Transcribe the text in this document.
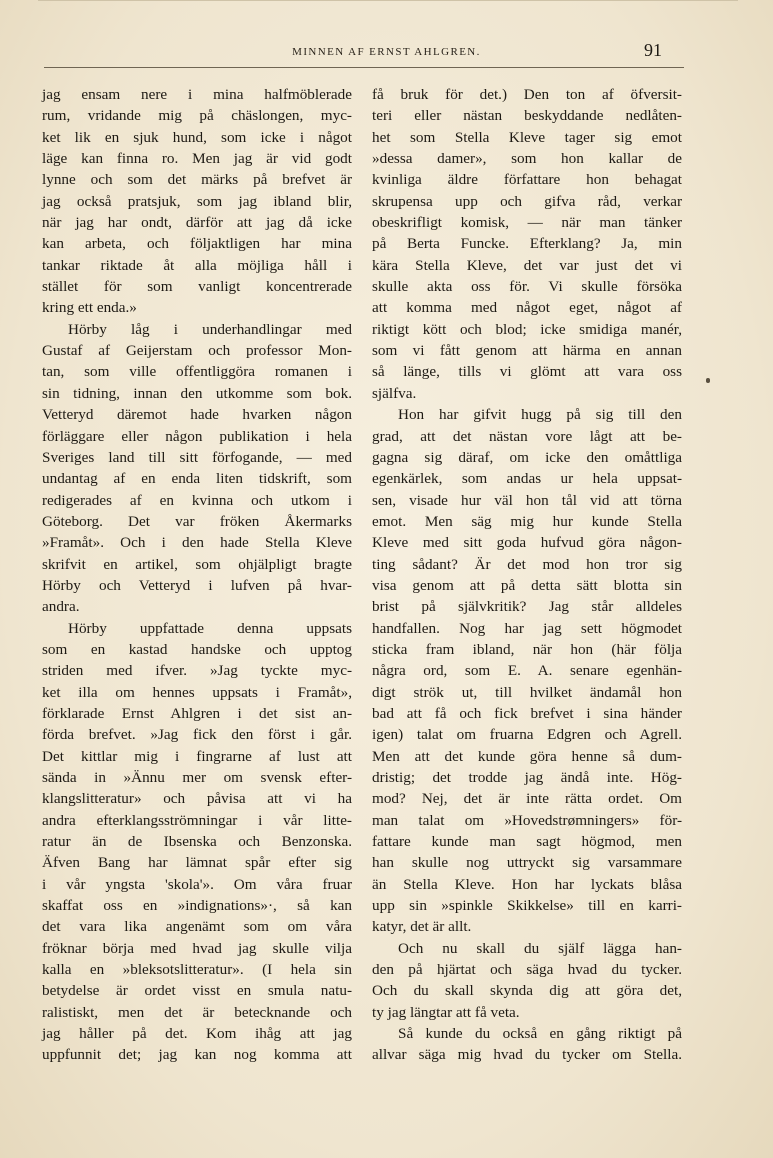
MINNEN AF ERNST AHLGREN.	91
jag ensam nere i mina halfmöblerade
rum, vridande mig på chäslongen, myc-
ket lik en sjuk hund, som icke i något
läge kan finna ro. Men jag är vid godt
lynne och som det märks på brefvet är
jag också pratsjuk, som jag ibland blir,
när jag har ondt, därför att jag då icke
kan arbeta, och följaktligen har mina
tankar riktade åt alla möjliga håll i
stället för som vanligt koncentrerade
kring ett enda.»
Hörby låg i underhandlingar med
Gustaf af Geijerstam och professor Mon-
tan, som ville offentliggöra romanen i
sin tidning, innan den utkomme som bok.
Vetteryd däremot hade hvarken någon
förläggare eller någon publikation i hela
Sveriges land till sitt förfogande, — med
undantag af en enda liten tidskrift, som
redigerades af en kvinna och utkom i
Göteborg. Det var fröken Åkermarks
»Framåt». Och i den hade Stella Kleve
skrifvit en artikel, som ohjälpligt bragte
Hörby och Vetteryd i lufven på hvar-
andra.
Hörby uppfattade denna uppsats
som en kastad handske och upptog
striden med ifver. »Jag tyckte myc-
ket illa om hennes uppsats i Framåt»,
förklarade Ernst Ahlgren i det sist an-
förda brefvet. »Jag fick den först i går.
Det kittlar mig i fingrarne af lust att
sända in »Ännu mer om svensk efter-
klangslitteratur» och påvisa att vi ha
andra efterklangsströmningar i vår litte-
ratur än de Ibsenska och Benzonska.
Äfven Bang har lämnat spår efter sig
i vår yngsta 'skola'». Om våra fruar
skaffat oss en »indignations»·, så kan
det vara lika angenämt som om våra
fröknar börja med hvad jag skulle vilja
kalla en »bleksotslitteratur». (I hela sin
betydelse är ordet visst en smula natu-
ralistiskt, men det är betecknande och
jag håller på det. Kom ihåg att jag
uppfunnit det; jag kan nog komma att
få bruk för det.) Den ton af öfversit-
teri eller nästan beskyddande nedlåten-
het som Stella Kleve tager sig emot
»dessa damer», som hon kallar de
kvinliga äldre författare hon behagat
skrupensa upp och gifva råd, verkar
obeskrifligt komisk, — när man tänker
på Berta Funcke. Efterklang? Ja, min
kära Stella Kleve, det var just det vi
skulle akta oss för. Vi skulle försöka
att komma med något eget, något af
riktigt kött och blod; icke smidiga manér,
som vi fått genom att härma en annan
så länge, tills vi glömt att vara oss
själfva.
Hon har gifvit hugg på sig till den
grad, att det nästan vore lågt att be-
gagna sig däraf, om icke den omåttliga
egenkärlek, som andas ur hela uppsat-
sen, visade hur väl hon tål vid att törna
emot. Men säg mig hur kunde Stella
Kleve med sitt goda hufvud göra någon-
ting sådant? Är det mod hon tror sig
visa genom att på detta sätt blotta sin
brist på självkritik? Jag står alldeles
handfallen. Nog har jag sett högmodet
sticka fram ibland, när hon (här följa
några ord, som E. A. senare egenhän-
digt strök ut, till hvilket ändamål hon
bad att få och fick brefvet i sina händer
igen) talat om fruarna Edgren och Agrell.
Men att det kunde göra henne så dum-
dristig; det trodde jag ändå inte. Hög-
mod? Nej, det är inte rätta ordet. Om
man talat om »Hovedstrømningers» för-
fattare kunde man sagt högmod, men
han skulle nog uttryckt sig varsammare
än Stella Kleve. Hon har lyckats blåsa
upp sin »spinkle Skikkelse» till en karri-
katyr, det är allt.
Och nu skall du själf lägga han-
den på hjärtat och säga hvad du tycker.
Och du skall skynda dig att göra det,
ty jag längtar att få veta.
Så kunde du också en gång riktigt på
allvar säga mig hvad du tycker om Stella.
